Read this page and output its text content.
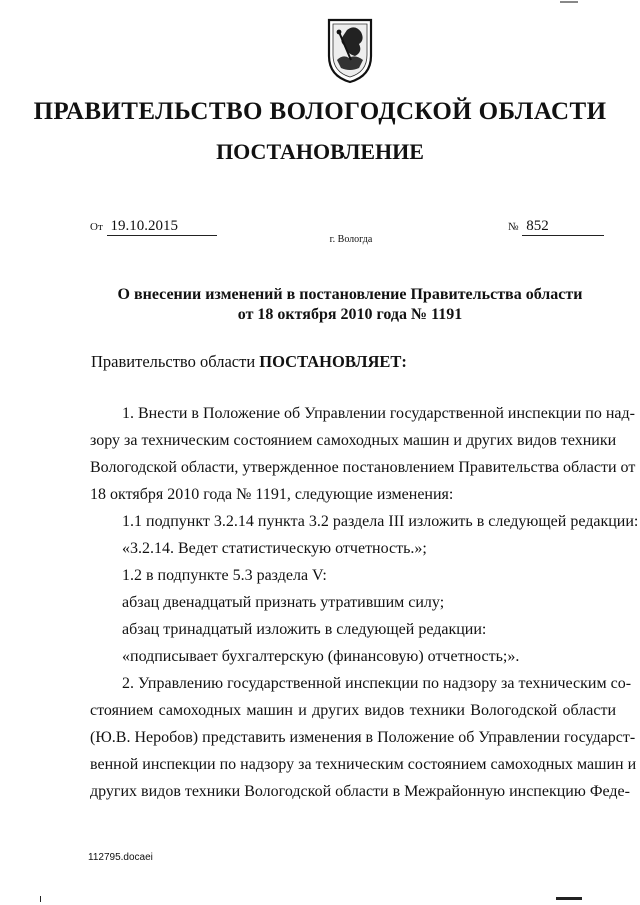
ПРАВИТЕЛЬСТВО ВОЛОГОДСКОЙ ОБЛАСТИ
ПОСТАНОВЛЕНИЕ
От 19.10.2015	№ 852
г. Вологда
О внесении изменений в постановление Правительства области
от 18 октября 2010 года № 1191
Правительство области ПОСТАНОВЛЯЕТ:
1. Внести в Положение об Управлении государственной инспекции по над-
зору за техническим состоянием самоходных машин и других видов техники
Вологодской области, утвержденное постановлением Правительства области от
18 октября 2010 года № 1191, следующие изменения:
1.1 подпункт 3.2.14 пункта 3.2 раздела III изложить в следующей редакции:
«3.2.14. Ведет статистическую отчетность.»;
1.2 в подпункте 5.3 раздела V:
абзац двенадцатый признать утратившим силу;
абзац тринадцатый изложить в следующей редакции:
«подписывает бухгалтерскую (финансовую) отчетность;».
2. Управлению государственной инспекции по надзору за техническим со-
стоянием самоходных машин и других видов техники Вологодской области
(Ю.В. Неробов) представить изменения в Положение об Управлении государст-
венной инспекции по надзору за техническим состоянием самоходных машин и
других видов техники Вологодской области в Межрайонную инспекцию Феде-
112795.docaei
